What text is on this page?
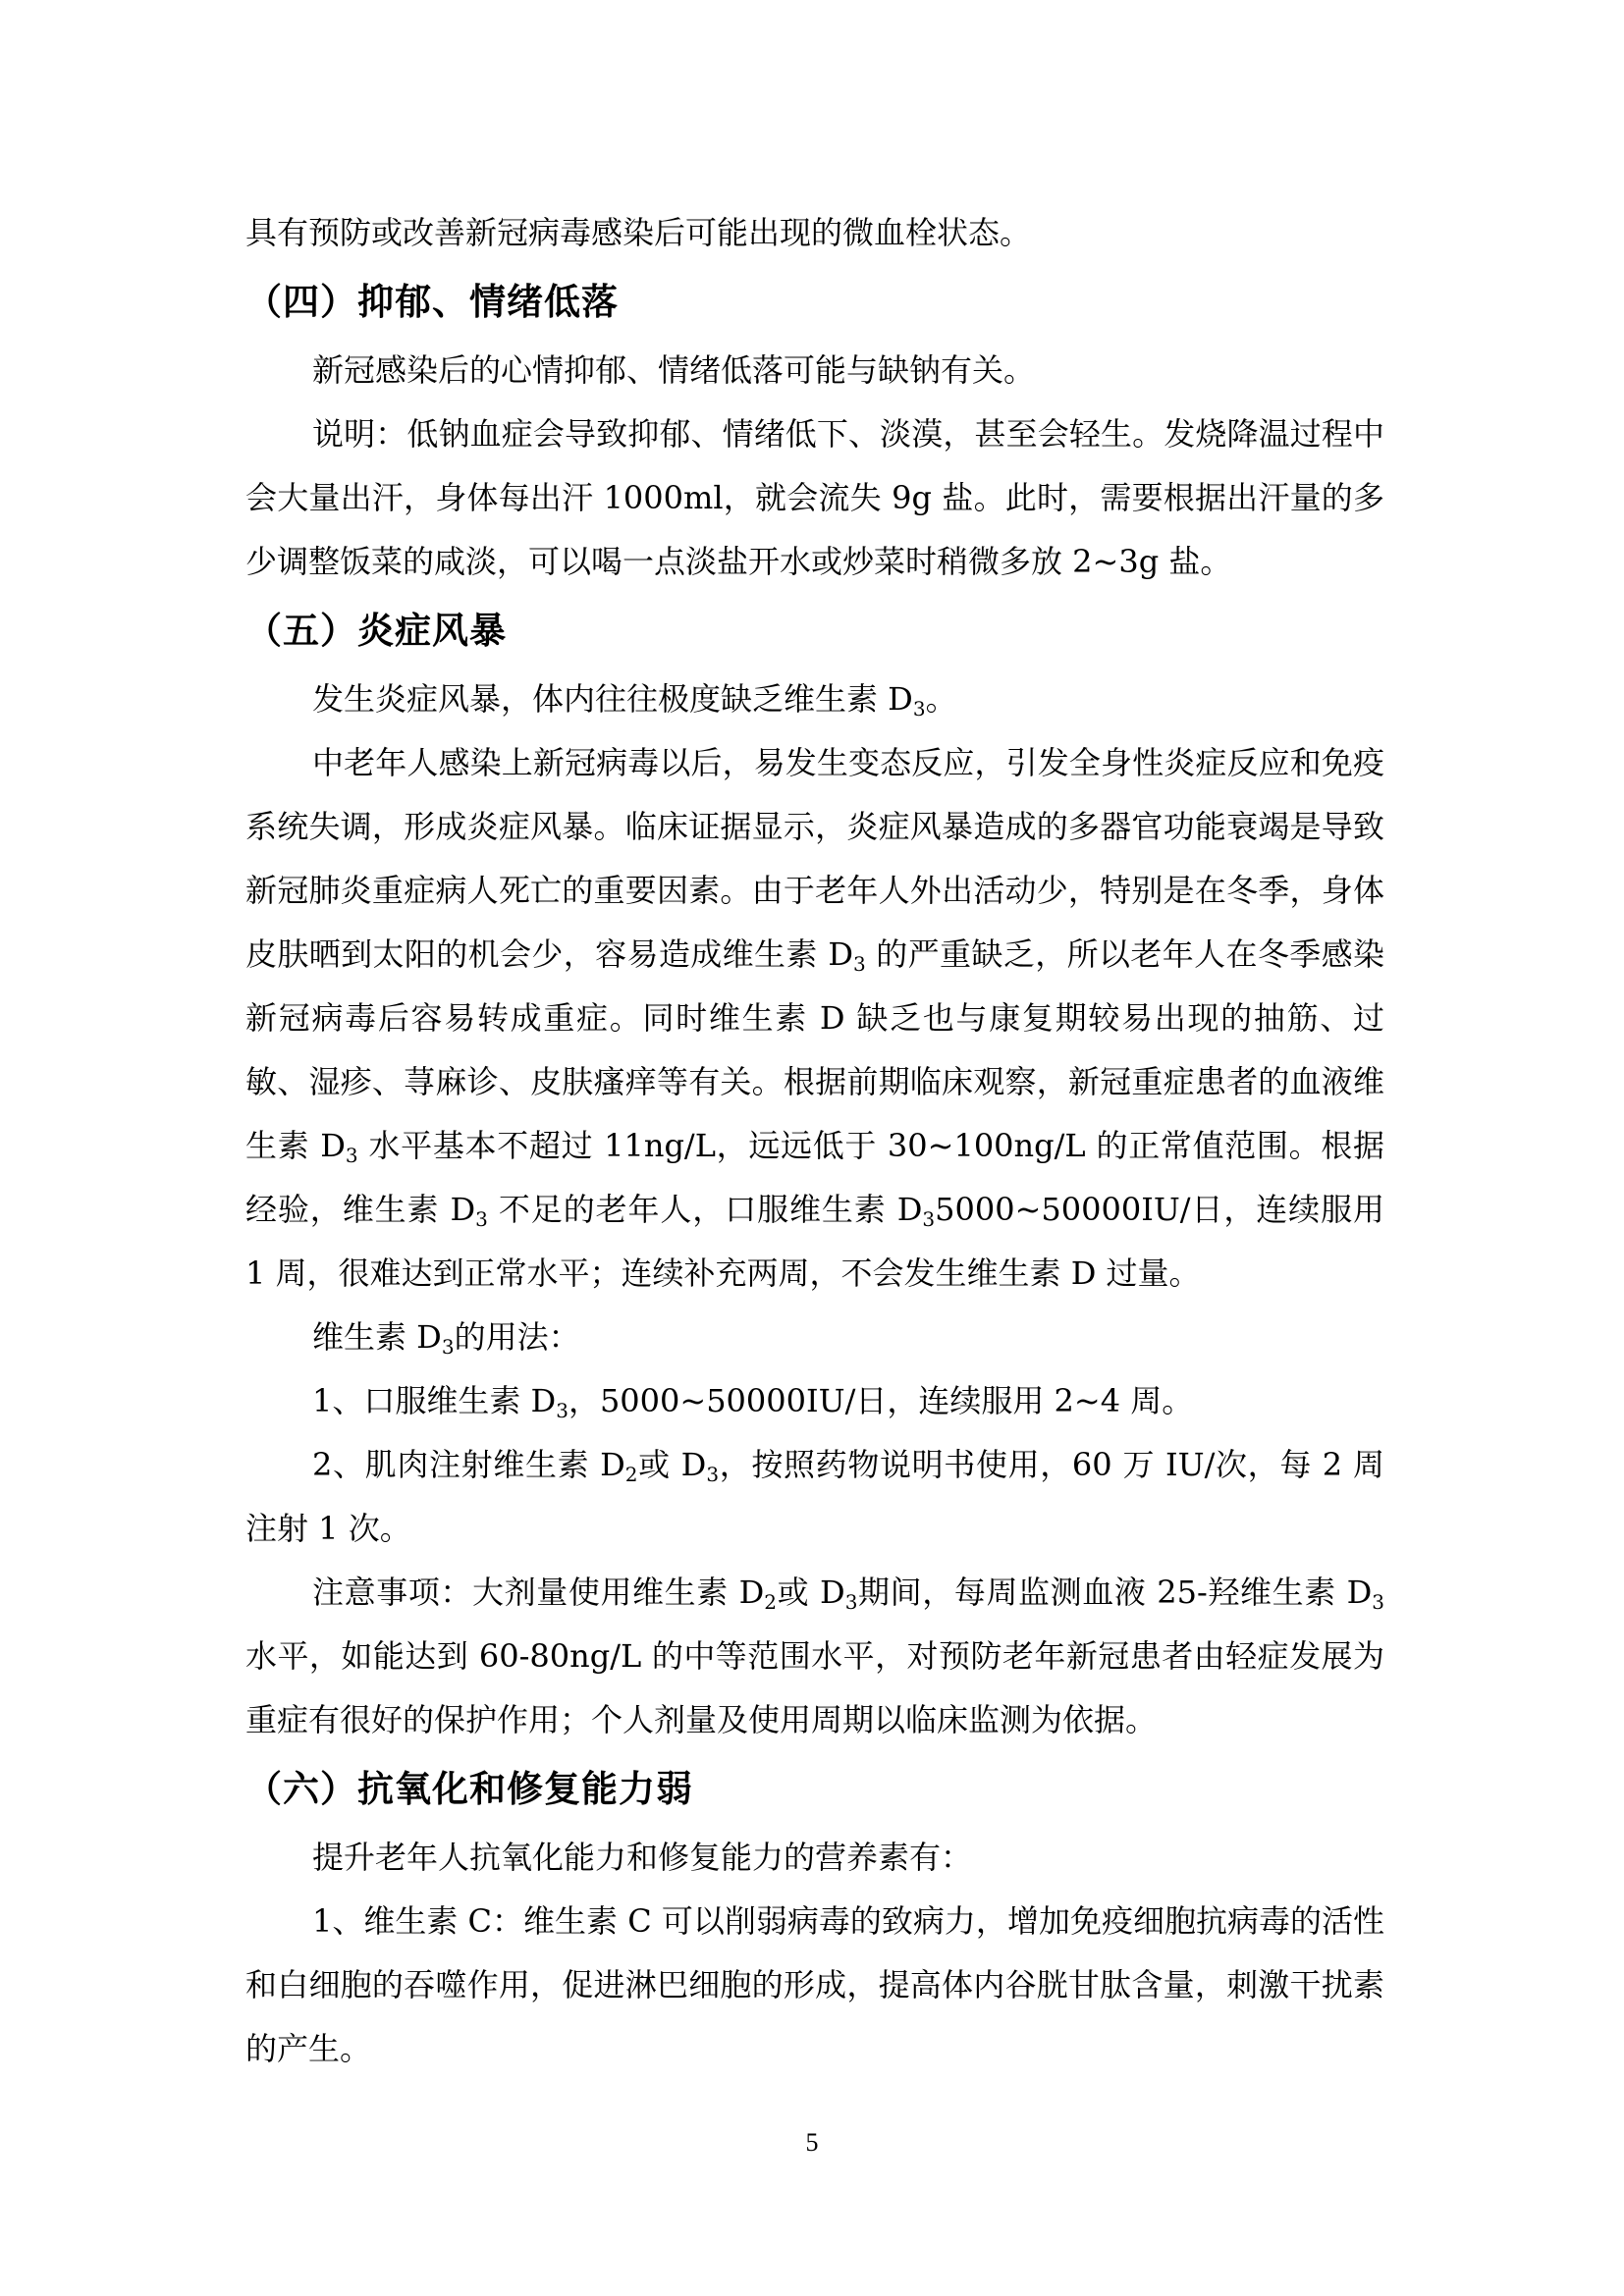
具有预防或改善新冠病毒感染后可能出现的微血栓状态。

（四）抑郁、情绪低落

新冠感染后的心情抑郁、情绪低落可能与缺钠有关。

说明：低钠血症会导致抑郁、情绪低下、淡漠，甚至会轻生。发烧降温过程中会大量出汗，身体每出汗 1000ml，就会流失 9g 盐。此时，需要根据出汗量的多少调整饭菜的咸淡，可以喝一点淡盐开水或炒菜时稍微多放 2~3g 盐。

（五）炎症风暴

发生炎症风暴，体内往往极度缺乏维生素 $D_3$。

中老年人感染上新冠病毒以后，易发生变态反应，引发全身性炎症反应和免疫系统失调，形成炎症风暴。临床证据显示，炎症风暴造成的多器官功能衰竭是导致新冠肺炎重症病人死亡的重要因素。由于老年人外出活动少，特别是在冬季，身体皮肤晒到太阳的机会少，容易造成维生素 $D_3$ 的严重缺乏，所以老年人在冬季感染新冠病毒后容易转成重症。同时维生素 D 缺乏也与康复期较易出现的抽筋、过敏、湿疹、荨麻诊、皮肤瘙痒等有关。根据前期临床观察，新冠重症患者的血液维生素 $D_3$ 水平基本不超过 11ng/L，远远低于 30~100ng/L 的正常值范围。根据经验，维生素 $D_3$ 不足的老年人，口服维生素 $D_35000\sim 50000IU/$日，连续服用 1 周，很难达到正常水平；连续补充两周，不会发生维生素 D 过量。

维生素 $D_3$的用法：

1、口服维生素 $D_3$，5000~50000IU/日，连续服用 2~4 周。

2、肌肉注射维生素 $D_2$或 $D_3$，按照药物说明书使用，60 万 IU/次，每 2 周注射 1 次。

注意事项：大剂量使用维生素 $D_2$或 $D_3$期间，每周监测血液 25-羟维生素 $D_3$水平，如能达到 60-80ng/L 的中等范围水平，对预防老年新冠患者由轻症发展为重症有很好的保护作用；个人剂量及使用周期以临床监测为依据。

（六）抗氧化和修复能力弱

提升老年人抗氧化能力和修复能力的营养素有：

1、维生素 C：维生素 C 可以削弱病毒的致病力，增加免疫细胞抗病毒的活性和白细胞的吞噬作用，促进淋巴细胞的形成，提高体内谷胱甘肽含量，刺激干扰素的产生。

5
